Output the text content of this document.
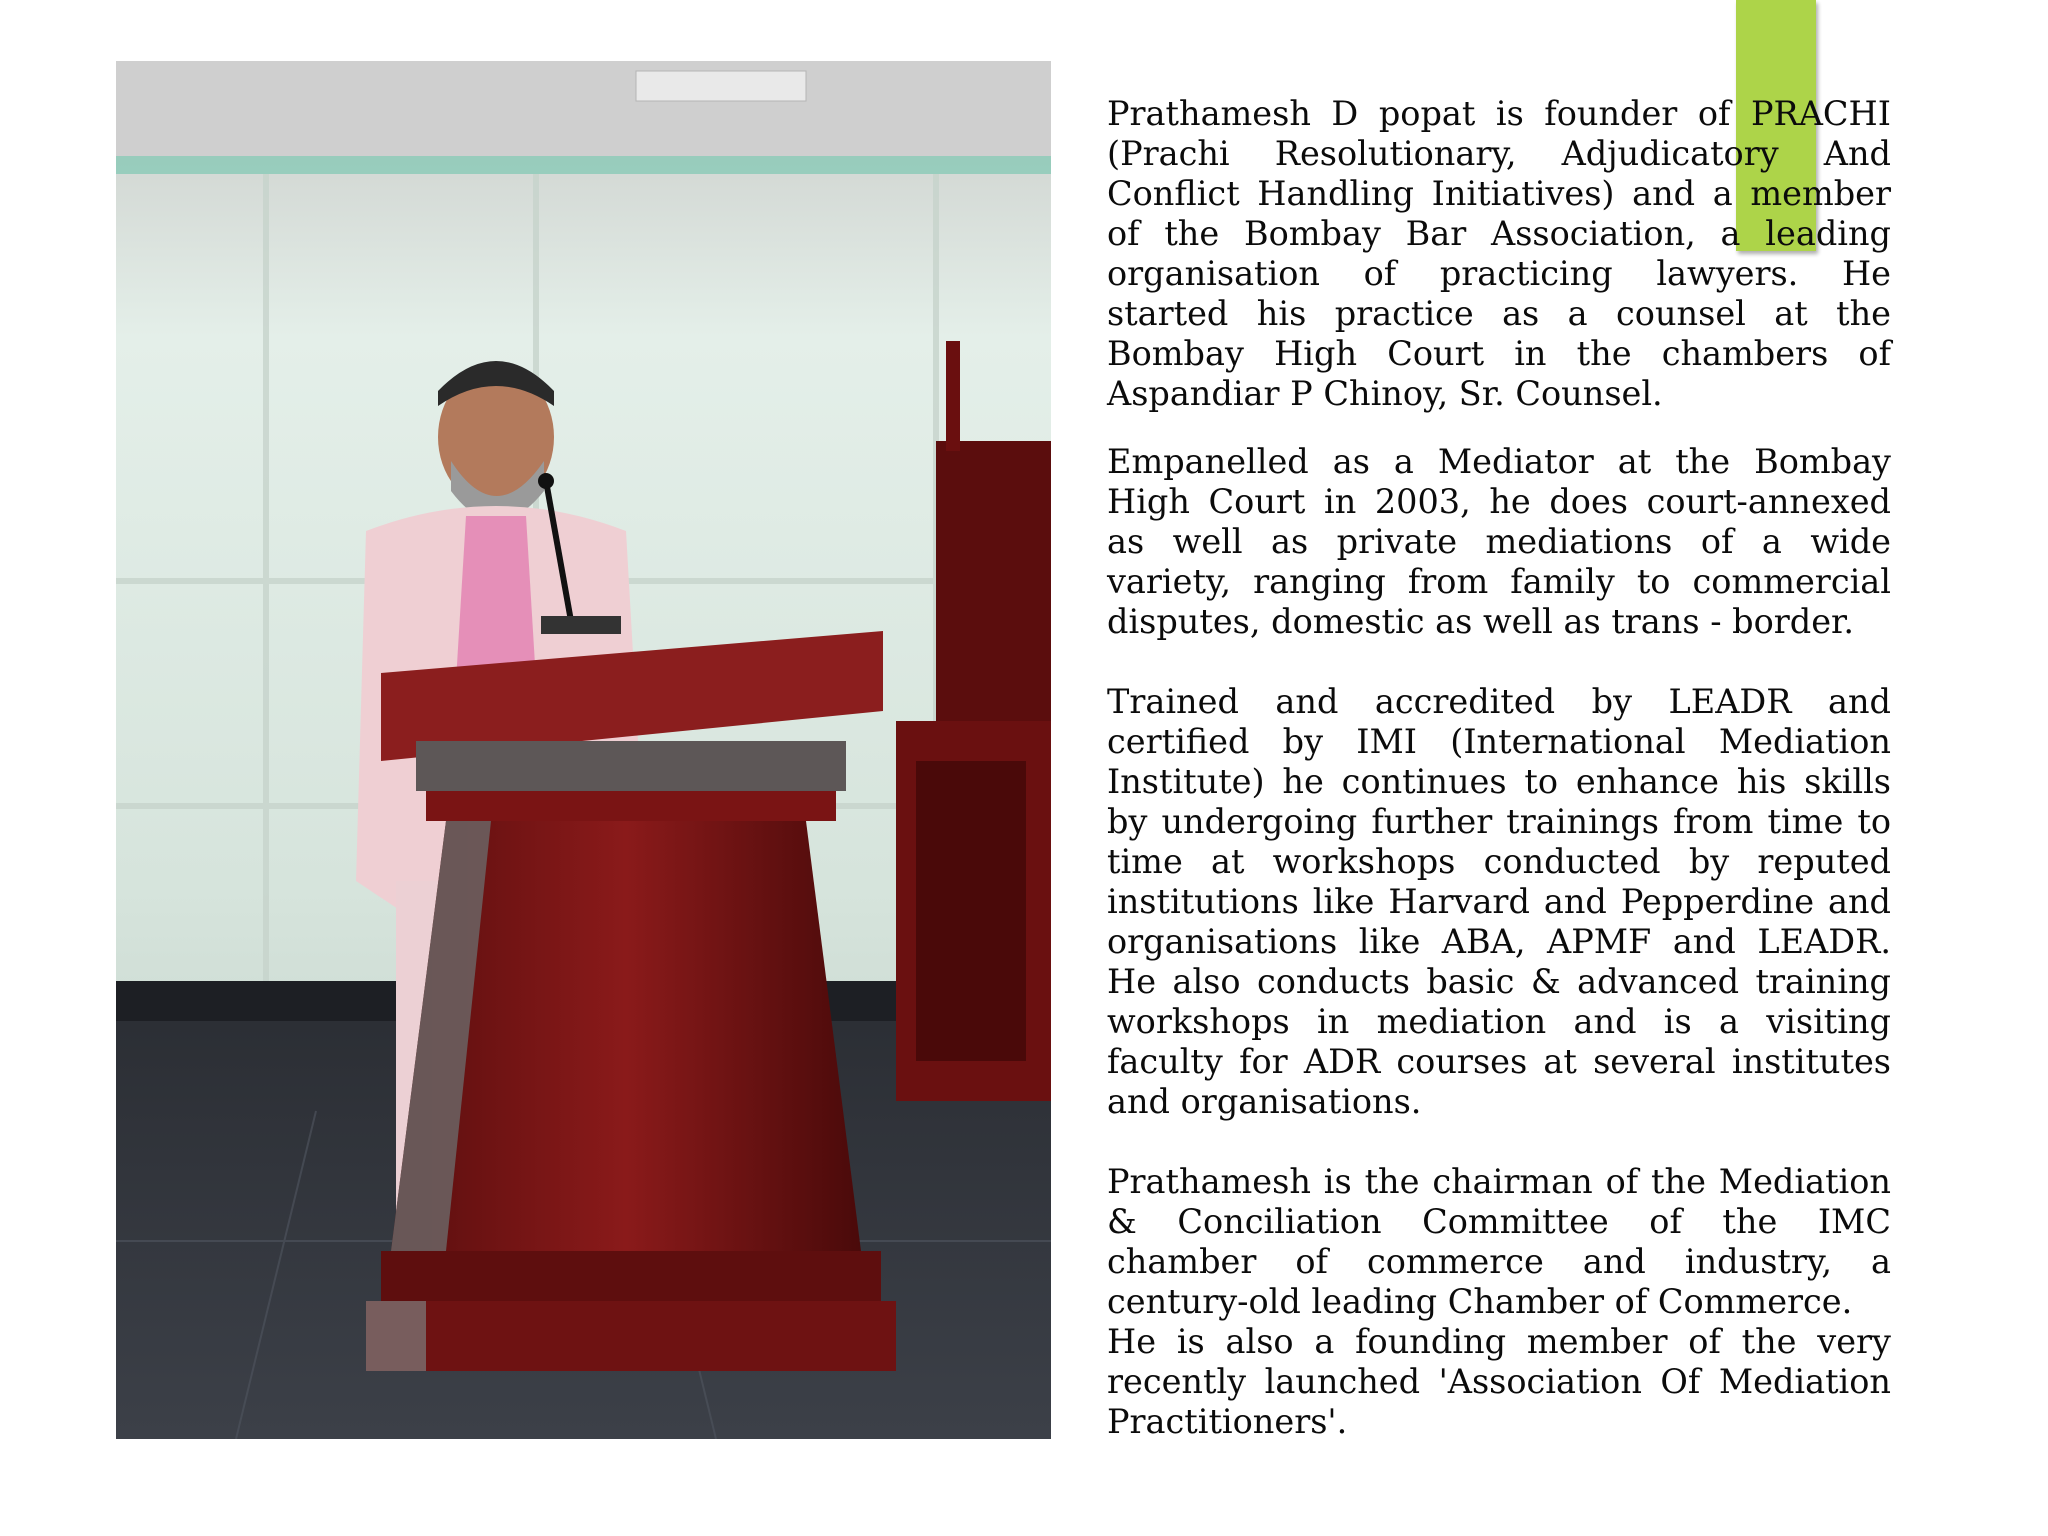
Prathamesh D popat is founder of PRACHI (Prachi Resolutionary, Adjudicatory And Conflict Handling Initiatives) and a member of the Bombay Bar Association, a leading organisation of practicing lawyers. He started his practice as a counsel at the Bombay High Court in the chambers of Aspandiar P Chinoy, Sr. Counsel.

Empanelled as a Mediator at the Bombay High Court in 2003, he does court-annexed as well as private mediations of a wide variety, ranging from family to commercial disputes, domestic as well as trans - border.

Trained and accredited by LEADR and certified by IMI (International Mediation Institute) he continues to enhance his skills by undergoing further trainings from time to time at workshops conducted by reputed institutions like Harvard and Pepperdine and organisations like ABA, APMF and LEADR. He also conducts basic & advanced training workshops in mediation and is a visiting faculty for ADR courses at several institutes and organisations.

Prathamesh is the chairman of the Mediation & Conciliation Committee of the IMC chamber of commerce and industry, a century-old leading Chamber of Commerce.

He is also a founding member of the very recently launched 'Association Of Mediation Practitioners'.
